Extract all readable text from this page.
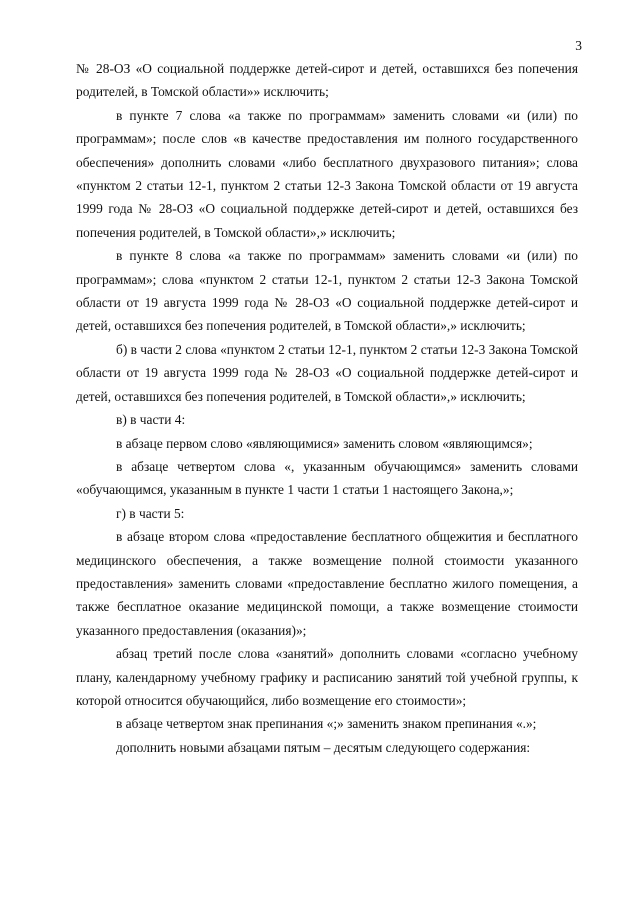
3

№ 28-ОЗ «О социальной поддержке детей-сирот и детей, оставшихся без попечения родителей, в Томской области»» исключить;

в пункте 7 слова «а также по программам» заменить словами «и (или) по программам»; после слов «в качестве предоставления им полного государственного обеспечения» дополнить словами «либо бесплатного двухразового питания»; слова «пунктом 2 статьи 12-1, пунктом 2 статьи 12-3 Закона Томской области от 19 августа 1999 года № 28-ОЗ «О социальной поддержке детей-сирот и детей, оставшихся без попечения родителей, в Томской области»,» исключить;

в пункте 8 слова «а также по программам» заменить словами «и (или) по программам»; слова «пунктом 2 статьи 12-1, пунктом 2 статьи 12-3 Закона Томской области от 19 августа 1999 года № 28-ОЗ «О социальной поддержке детей-сирот и детей, оставшихся без попечения родителей, в Томской области»,» исключить;

б) в части 2 слова «пунктом 2 статьи 12-1, пунктом 2 статьи 12-3 Закона Томской области от 19 августа 1999 года № 28-ОЗ «О социальной поддержке детей-сирот и детей, оставшихся без попечения родителей, в Томской области»,» исключить;

в) в части 4:

в абзаце первом слово «являющимися» заменить словом «являющимся»;

в абзаце четвертом слова «, указанным обучающимся» заменить словами «обучающимся, указанным в пункте 1 части 1 статьи 1 настоящего Закона,»;

г) в части 5:

в абзаце втором слова «предоставление бесплатного общежития и бесплатного медицинского обеспечения, а также возмещение полной стоимости указанного предоставления» заменить словами «предоставление бесплатно жилого помещения, а также бесплатное оказание медицинской помощи, а также возмещение стоимости указанного предоставления (оказания)»;

абзац третий после слова «занятий» дополнить словами «согласно учебному плану, календарному учебному графику и расписанию занятий той учебной группы, к которой относится обучающийся, либо возмещение его стоимости»;

в абзаце четвертом знак препинания «;» заменить знаком препинания «.»;

дополнить новыми абзацами пятым – десятым следующего содержания:
